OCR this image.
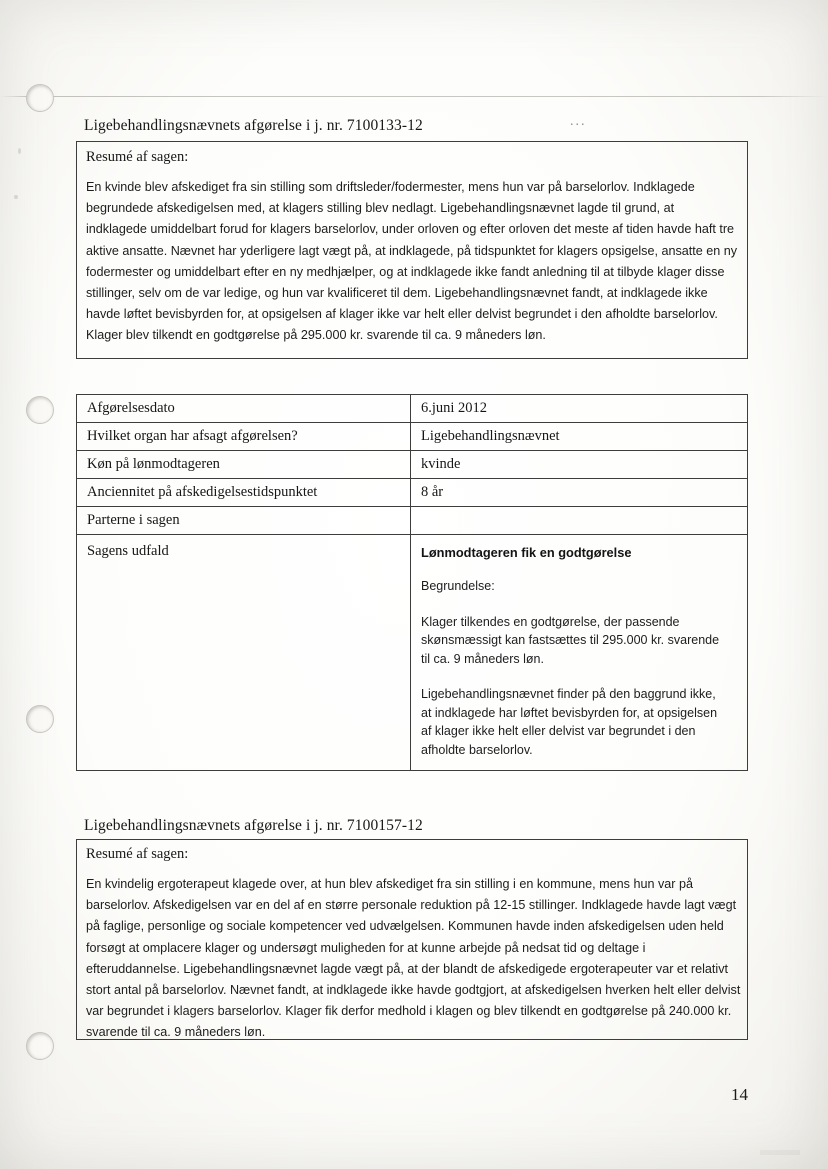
Ligebehandlingsnævnets afgørelse i j. nr. 7100133-12	...
Resumé af sagen:
En kvinde blev afskediget fra sin stilling som driftsleder/fodermester, mens hun var på barselorlov. Indklagede begrundede afskedigelsen med, at klagers stilling blev nedlagt. Ligebehandlingsnævnet lagde til grund, at indklagede umiddelbart forud for klagers barselorlov, under orloven og efter orloven det meste af tiden havde haft tre aktive ansatte. Nævnet har yderligere lagt vægt på, at indklagede, på tidspunktet for klagers opsigelse, ansatte en ny fodermester og umiddelbart efter en ny medhjælper, og at indklagede ikke fandt anledning til at tilbyde klager disse stillinger, selv om de var ledige, og hun var kvalificeret til dem. Ligebehandlingsnævnet fandt, at indklagede ikke havde løftet bevisbyrden for, at opsigelsen af klager ikke var helt eller delvist begrundet i den afholdte barselorlov. Klager blev tilkendt en godtgørelse på 295.000 kr. svarende til ca. 9 måneders løn.
Afgørelsesdato	6.juni 2012
Hvilket organ har afsagt afgørelsen?	Ligebehandlingsnævnet
Køn på lønmodtageren	kvinde
Anciennitet på afskedigelsestidspunktet	8 år
Parterne i sagen
Sagens udfald	Lønmodtageren fik en godtgørelse
Begrundelse:
Klager tilkendes en godtgørelse, der passende skønsmæssigt kan fastsættes til 295.000 kr. svarende til ca. 9 måneders løn.
Ligebehandlingsnævnet finder på den baggrund ikke, at indklagede har løftet bevisbyrden for, at opsigelsen af klager ikke helt eller delvist var begrundet i den afholdte barselorlov.
Ligebehandlingsnævnets afgørelse i j. nr. 7100157-12
Resumé af sagen:
En kvindelig ergoterapeut klagede over, at hun blev afskediget fra sin stilling i en kommune, mens hun var på barselorlov. Afskedigelsen var en del af en større personale reduktion på 12-15 stillinger. Indklagede havde lagt vægt på faglige, personlige og sociale kompetencer ved udvælgelsen. Kommunen havde inden afskedigelsen uden held forsøgt at omplacere klager og undersøgt muligheden for at kunne arbejde på nedsat tid og deltage i efteruddannelse. Ligebehandlingsnævnet lagde vægt på, at der blandt de afskedigede ergoterapeuter var et relativt stort antal på barselorlov. Nævnet fandt, at indklagede ikke havde godtgjort, at afskedigelsen hverken helt eller delvist var begrundet i klagers barselorlov. Klager fik derfor medhold i klagen og blev tilkendt en godtgørelse på 240.000 kr. svarende til ca. 9 måneders løn.
14
